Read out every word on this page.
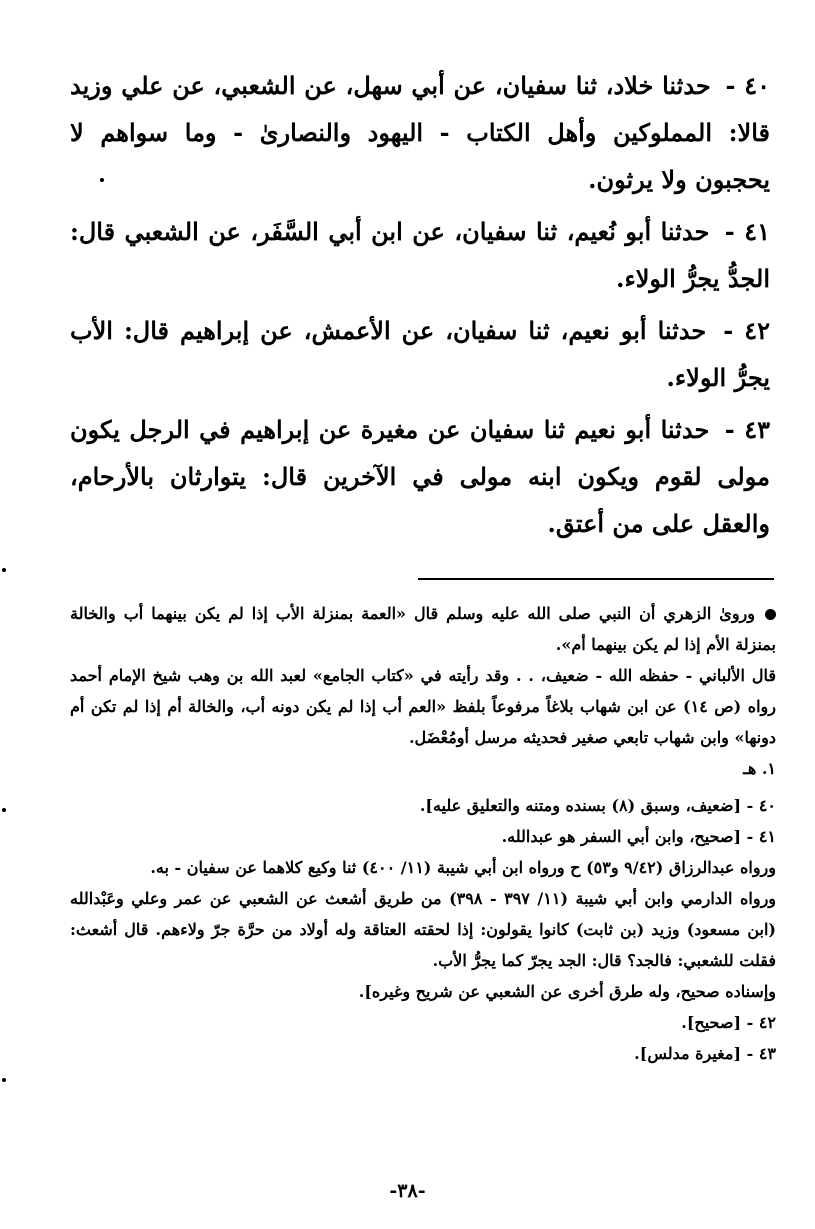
٤٠ - حدثنا خلاد، ثنا سفيان، عن أبي سهل، عن الشعبي، عن علي وزيد قالا: المملوكين وأهل الكتاب - اليهود والنصارىٰ - وما سواهم لا يحجبون ولا يرثون.

٤١ - حدثنا أبو نُعيم، ثنا سفيان، عن ابن أبي السَّفَر، عن الشعبي قال: الجدُّ يجرُّ الولاء.

٤٢ - حدثنا أبو نعيم، ثنا سفيان، عن الأعمش، عن إبراهيم قال: الأب يجرُّ الولاء.

٤٣ - حدثنا أبو نعيم ثنا سفيان عن مغيرة عن إبراهيم في الرجل يكون مولى لقوم ويكون ابنه مولى في الآخرين قال: يتوارثان بالأرحام، والعقل على من أعتق.

وروىٰ الزهري أن النبي صلى الله عليه وسلم قال «العمة بمنزلة الأب إذا لم يكن بينهما أب والخالة بمنزلة الأم إذا لم يكن بينهما أم».

قال الألباني - حفظه الله - ضعيف، . . وقد رأيته في «كتاب الجامع» لعبد الله بن وهب شيخ الإمام أحمد رواه (ص ١٤) عن ابن شهاب بلاغاً مرفوعاً بلفظ «العم أب إذا لم يكن دونه أب، والخالة أم إذا لم تكن أم دونها» وابن شهاب تابعي صغير فحديثه مرسل أومُعْضَل.

١. هـ

٤٠ - [ضعيف، وسبق (٨) بسنده ومتنه والتعليق عليه].

٤١ - [صحيح، وابن أبي السفر هو عبدالله.

ورواه عبدالرزاق (٩/٤٢ و٥٣) ح ورواه ابن أبي شيبة (١١/ ٤٠٠) ثنا وكيع كلاهما عن سفيان - به.

ورواه الدارمي وابن أبي شيبة (١١/ ٣٩٧ - ٣٩٨) من طريق أشعث عن الشعبي عن عمر وعلي وعَبْدالله (ابن مسعود) وزيد (بن ثابت) كانوا يقولون: إذا لحقته العتاقة وله أولاد من حرَّة جرّ ولاءهم. قال أشعث: فقلت للشعبي: فالجد؟ قال: الجد يجرّ كما يجرُّ الأب.

وإسناده صحيح، وله طرق أخرى عن الشعبي عن شريح وغيره].

٤٢ - [صحيح].

٤٣ - [مغيرة مدلس].

-٣٨-
